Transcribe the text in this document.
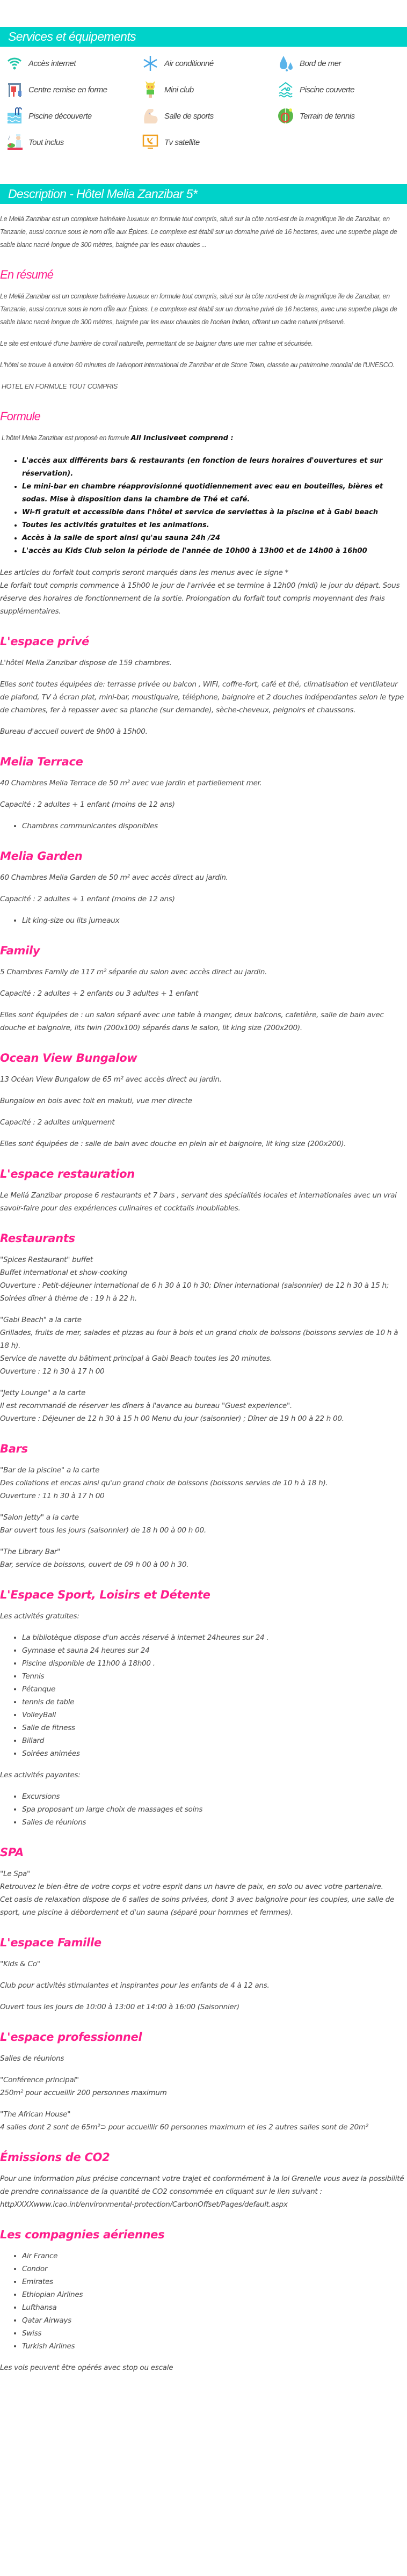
Services et équipements
Accès internet	Air conditionné	Bord de mer
Centre remise en forme	Mini club	Piscine couverte
Piscine découverte	Salle de sports	Terrain de tennis
Tout inclus	Tv satellite
Description - Hôtel Melia Zanzibar 5*

Le Meliá Zanzibar est un complexe balnéaire luxueux en formule tout compris, situé sur la côte nord-est de la magnifique île de Zanzibar, en Tanzanie, aussi connue sous le nom d'Île aux Épices. Le complexe est établi sur un domaine privé de 16 hectares, avec une superbe plage de sable blanc nacré longue de 300 mètres, baignée par les eaux chaudes ...

En résumé

Le Meliá Zanzibar est un complexe balnéaire luxueux en formule tout compris, situé sur la côte nord-est de la magnifique île de Zanzibar, en Tanzanie, aussi connue sous le nom d'Île aux Épices. Le complexe est établi sur un domaine privé de 16 hectares, avec une superbe plage de sable blanc nacré longue de 300 mètres, baignée par les eaux chaudes de l'océan Indien, offrant un cadre naturel préservé.

Le site est entouré d'une barrière de corail naturelle, permettant de se baigner dans une mer calme et sécurisée.

L'hôtel se trouve à environ 60 minutes de l'aéroport international de Zanzibar et de Stone Town, classée au patrimoine mondial de l'UNESCO.

HOTEL EN FORMULE TOUT COMPRIS

Formule

L'hôtel Melia Zanzibar est proposé en formule All Inclusiveet comprend :

• L'accès aux différents bars & restaurants (en fonction de leurs horaires d'ouvertures et sur réservation).
• Le mini-bar en chambre réapprovisionné quotidiennement avec eau en bouteilles, bières et sodas. Mise à disposition dans la chambre de Thé et café.
• Wi-fi gratuit et accessible dans l'hôtel et service de serviettes à la piscine et à Gabi beach
• Toutes les activités gratuites et les animations.
• Accès à la salle de sport ainsi qu'au sauna 24h /24
• L'accès au Kids Club selon la période de l'année de 10h00 à 13h00 et de 14h00 à 16h00

Les articles du forfait tout compris seront marqués dans les menus avec le signe *
Le forfait tout compris commence à 15h00 le jour de l'arrivée et se termine à 12h00 (midi) le jour du départ. Sous réserve des horaires de fonctionnement de la sortie. Prolongation du forfait tout compris moyennant des frais supplémentaires.

L'espace privé

L'hôtel Melia Zanzibar dispose de 159 chambres.

Elles sont toutes équipées de: terrasse privée ou balcon , WIFI, coffre-fort, café et thé, climatisation et ventilateur de plafond, TV à écran plat, mini-bar, moustiquaire, téléphone, baignoire et 2 douches indépendantes selon le type de chambres, fer à repasser avec sa planche (sur demande), sèche-cheveux, peignoirs et chaussons.

Bureau d'accueil ouvert de 9h00 à 15h00.

Melia Terrace

40 Chambres Melia Terrace de 50 m² avec vue jardin et partiellement mer.

Capacité : 2 adultes + 1 enfant (moins de 12 ans)

• Chambres communicantes disponibles
Melia Garden

60 Chambres Melia Garden de 50 m² avec accès direct au jardin.

Capacité : 2 adultes + 1 enfant (moins de 12 ans)

• Lit king-size ou lits jumeaux
Family

5 Chambres Family de 117 m² séparée du salon avec accès direct au jardin.

Capacité : 2 adultes + 2 enfants ou 3 adultes + 1 enfant

Elles sont équipées de : un salon séparé avec une table à manger, deux balcons, cafetière, salle de bain avec douche et baignoire, lits twin (200x100) séparés dans le salon, lit king size (200x200).

Ocean View Bungalow

13 Océan View Bungalow de 65 m² avec accès direct au jardin.

Bungalow en bois avec toit en makuti, vue mer directe

Capacité : 2 adultes uniquement

Elles sont équipées de : salle de bain avec douche en plein air et baignoire, lit king size (200x200).

L'espace restauration

Le Meliá Zanzibar propose 6 restaurants et 7 bars , servant des spécialités locales et internationales avec un vrai savoir-faire pour des expériences culinaires et cocktails inoubliables.

Restaurants

"Spices Restaurant" buffet
Buffet international et show-cooking
Ouverture : Petit-déjeuner international de 6 h 30 à 10 h 30; Dîner international (saisonnier) de 12 h 30 à 15 h; Soirées dîner à thème de : 19 h à 22 h.

"Gabi Beach" a la carte
Grillades, fruits de mer, salades et pizzas au four à bois et un grand choix de boissons (boissons servies de 10 h à 18 h).
Service de navette du bâtiment principal à Gabi Beach toutes les 20 minutes.
Ouverture : 12 h 30 à 17 h 00

"Jetty Lounge" a la carte
Il est recommandé de réserver les dîners à l'avance au bureau "Guest experience".
Ouverture : Déjeuner de 12 h 30 à 15 h 00 Menu du jour (saisonnier) ; Dîner de 19 h 00 à 22 h 00.

Bars

"Bar de la piscine" a la carte
Des collations et encas ainsi qu'un grand choix de boissons (boissons servies de 10 h à 18 h).
Ouverture : 11 h 30 à 17 h 00

"Salon Jetty" a la carte
Bar ouvert tous les jours (saisonnier) de 18 h 00 à 00 h 00.

"The Library Bar"
Bar, service de boissons, ouvert de 09 h 00 à 00 h 30.

L'Espace Sport, Loisirs et Détente

Les activités gratuites:

• La bibliotèque dispose d'un accès réservé à internet 24heures sur 24 .
• Gymnase et sauna 24 heures sur 24
• Piscine disponible de 11h00 à 18h00 .
• Tennis
• Pétanque
• tennis de table
• VolleyBall
• Salle de fitness
• Billard
• Soirées animées

Les activités payantes:

• Excursions
• Spa proposant un large choix de massages et soins
• Salles de réunions
SPA

"Le Spa"
Retrouvez le bien-être de votre corps et votre esprit dans un havre de paix, en solo ou avec votre partenaire.
Cet oasis de relaxation dispose de 6 salles de soins privées, dont 3 avec baignoire pour les couples, une salle de sport, une piscine à débordement et d'un sauna (séparé pour hommes et femmes).

L'espace Famille

"Kids & Co"

Club pour activités stimulantes et inspirantes pour les enfants de 4 à 12 ans.

Ouvert tous les jours de 10:00 à 13:00 et 14:00 à 16:00 (Saisonnier)

L'espace professionnel

Salles de réunions

"Conférence principal"
250m² pour accueillir 200 personnes maximum

"The African House"
4 salles dont 2 sont de 65m²⊃ pour accueillir 60 personnes maximum et les 2 autres salles sont de 20m²

Émissions de CO2

Pour une information plus précise concernant votre trajet et conformément à la loi Grenelle vous avez la possibilité de prendre connaissance de la quantité de CO2 consommée en cliquant sur le lien suivant : httpXXXXwww.icao.int/environmental-protection/CarbonOffset/Pages/default.aspx

Les compagnies aériennes
• Air France
• Condor
• Emirates
• Ethiopian Airlines
• Lufthansa
• Qatar Airways
• Swiss
• Turkish Airlines

Les vols peuvent être opérés avec stop ou escale
